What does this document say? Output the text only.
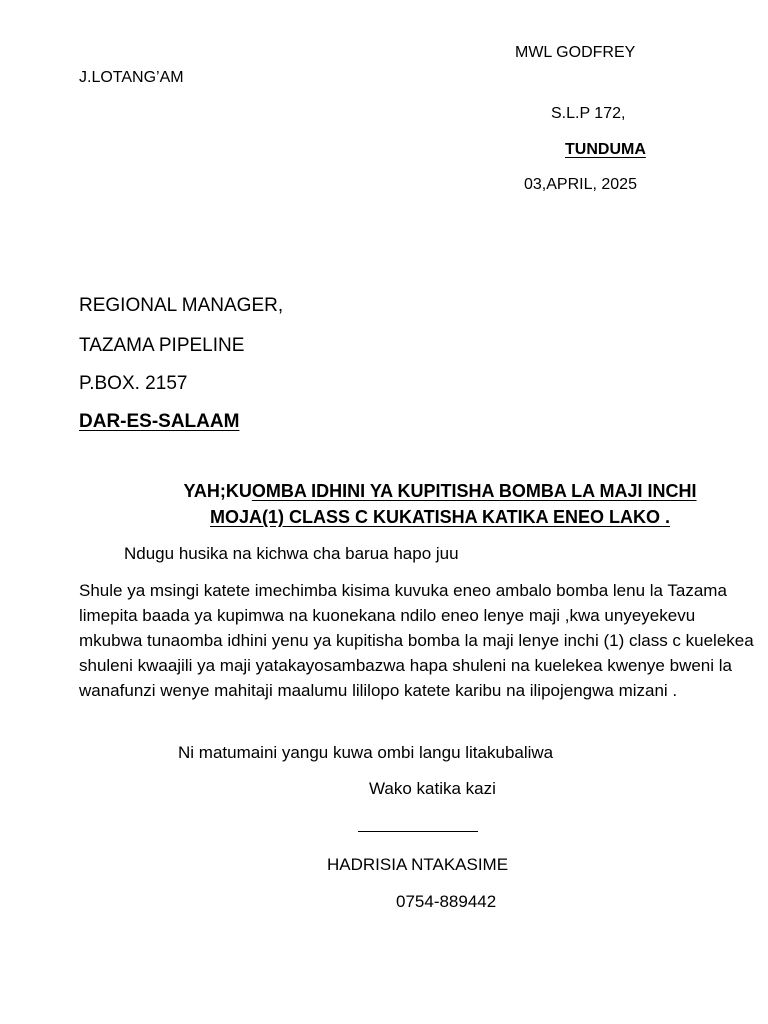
MWL GODFREY
J.LOTANG’AM
S.L.P 172,
TUNDUMA
03,APRIL, 2025
REGIONAL MANAGER,
TAZAMA PIPELINE
P.BOX. 2157
DAR-ES-SALAAM
YAH;KUOMBA IDHINI YA KUPITISHA BOMBA LA MAJI INCHI
MOJA(1) CLASS C KUKATISHA KATIKA ENEO LAKO .
Ndugu husika na kichwa cha barua hapo juu
Shule ya msingi katete imechimba kisima kuvuka eneo ambalo bomba lenu la Tazama limepita baada ya kupimwa na kuonekana ndilo eneo lenye maji ,kwa unyeyekevu mkubwa tunaomba idhini yenu ya kupitisha bomba la maji lenye inchi (1) class c kuelekea shuleni kwaajili ya maji yatakayosambazwa hapa shuleni na kuelekea kwenye bweni la wanafunzi wenye mahitaji maalumu lililopo katete karibu na ilipojengwa mizani .
Ni matumaini yangu kuwa ombi langu litakubaliwa
Wako katika kazi
HADRISIA NTAKASIME
0754-889442
